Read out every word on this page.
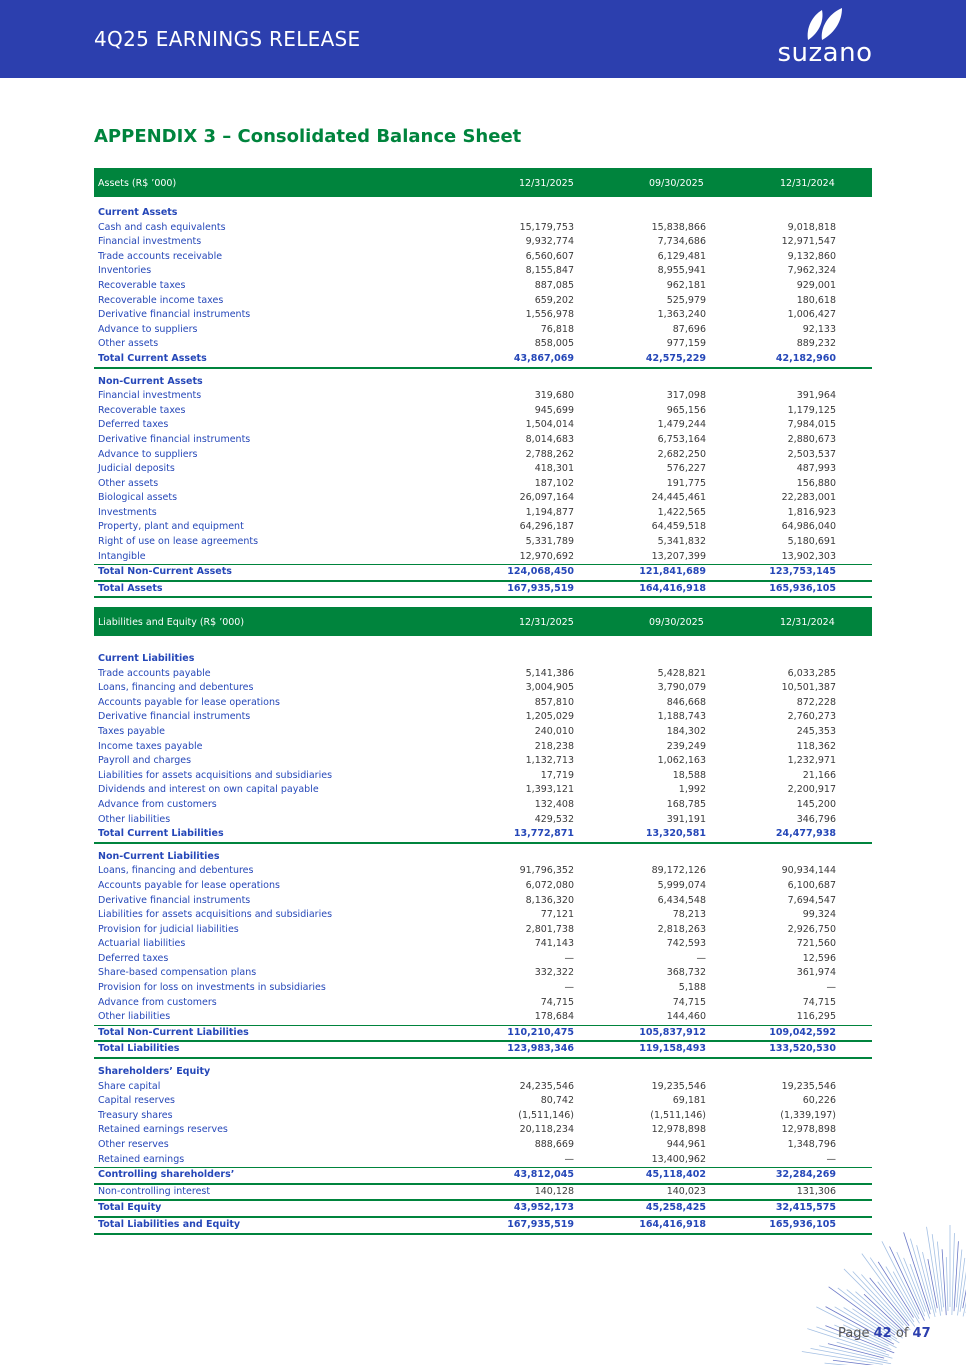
4Q25 EARNINGS RELEASE	suzano
APPENDIX 3 – Consolidated Balance Sheet
Assets (R$ ’000)	12/31/2025	09/30/2025	12/31/2024
Current Assets
Cash and cash equivalents	15,179,753	15,838,866	9,018,818
Financial investments	9,932,774	7,734,686	12,971,547
Trade accounts receivable	6,560,607	6,129,481	9,132,860
Inventories	8,155,847	8,955,941	7,962,324
Recoverable taxes	887,085	962,181	929,001
Recoverable income taxes	659,202	525,979	180,618
Derivative financial instruments	1,556,978	1,363,240	1,006,427
Advance to suppliers	76,818	87,696	92,133
Other assets	858,005	977,159	889,232
Total Current Assets	43,867,069	42,575,229	42,182,960
Non-Current Assets
Financial investments	319,680	317,098	391,964
Recoverable taxes	945,699	965,156	1,179,125
Deferred taxes	1,504,014	1,479,244	7,984,015
Derivative financial instruments	8,014,683	6,753,164	2,880,673
Advance to suppliers	2,788,262	2,682,250	2,503,537
Judicial deposits	418,301	576,227	487,993
Other assets	187,102	191,775	156,880
Biological assets	26,097,164	24,445,461	22,283,001
Investments	1,194,877	1,422,565	1,816,923
Property, plant and equipment	64,296,187	64,459,518	64,986,040
Right of use on lease agreements	5,331,789	5,341,832	5,180,691
Intangible	12,970,692	13,207,399	13,902,303
Total Non-Current Assets	124,068,450	121,841,689	123,753,145
Total Assets	167,935,519	164,416,918	165,936,105
Liabilities and Equity (R$ ’000)	12/31/2025	09/30/2025	12/31/2024
Current Liabilities
Trade accounts payable	5,141,386	5,428,821	6,033,285
Loans, financing and debentures	3,004,905	3,790,079	10,501,387
Accounts payable for lease operations	857,810	846,668	872,228
Derivative financial instruments	1,205,029	1,188,743	2,760,273
Taxes payable	240,010	184,302	245,353
Income taxes payable	218,238	239,249	118,362
Payroll and charges	1,132,713	1,062,163	1,232,971
Liabilities for assets acquisitions and subsidiaries	17,719	18,588	21,166
Dividends and interest on own capital payable	1,393,121	1,992	2,200,917
Advance from customers	132,408	168,785	145,200
Other liabilities	429,532	391,191	346,796
Total Current Liabilities	13,772,871	13,320,581	24,477,938
Non-Current Liabilities
Loans, financing and debentures	91,796,352	89,172,126	90,934,144
Accounts payable for lease operations	6,072,080	5,999,074	6,100,687
Derivative financial instruments	8,136,320	6,434,548	7,694,547
Liabilities for assets acquisitions and subsidiaries	77,121	78,213	99,324
Provision for judicial liabilities	2,801,738	2,818,263	2,926,750
Actuarial liabilities	741,143	742,593	721,560
Deferred taxes	—	—	12,596
Share-based compensation plans	332,322	368,732	361,974
Provision for loss on investments in subsidiaries	—	5,188	—
Advance from customers	74,715	74,715	74,715
Other liabilities	178,684	144,460	116,295
Total Non-Current Liabilities	110,210,475	105,837,912	109,042,592
Total Liabilities	123,983,346	119,158,493	133,520,530
Shareholders’ Equity
Share capital	24,235,546	19,235,546	19,235,546
Capital reserves	80,742	69,181	60,226
Treasury shares	(1,511,146)	(1,511,146)	(1,339,197)
Retained earnings reserves	20,118,234	12,978,898	12,978,898
Other reserves	888,669	944,961	1,348,796
Retained earnings	—	13,400,962	—
Controlling shareholders’	43,812,045	45,118,402	32,284,269
Non-controlling interest	140,128	140,023	131,306
Total Equity	43,952,173	45,258,425	32,415,575
Total Liabilities and Equity	167,935,519	164,416,918	165,936,105
Page 42 of 47
